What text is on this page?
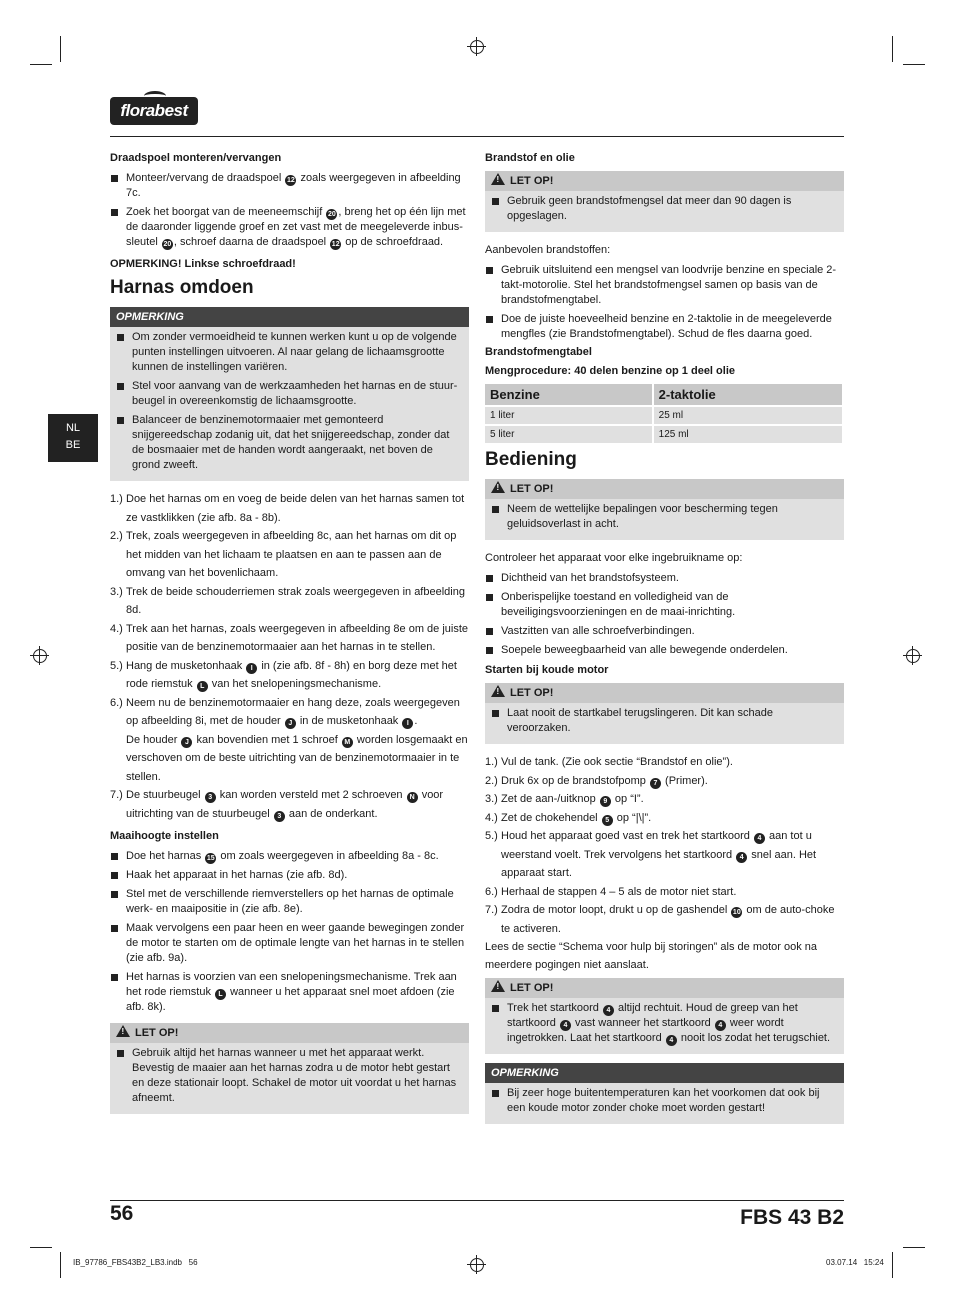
florabest
NL
BE
Draadspoel monteren/vervangen
Monteer/vervang de draadspoel 12 zoals weergegeven in afbeelding 7c.
Zoek het boorgat van de meeneemschijf 20 , breng het op één lijn met de daaronder liggende groef en zet vast met de meegeleverde inbus-sleutel 20 , schroef daarna de draadspoel 12 op de schroefdraad.
OPMERKING! Linkse schroefdraad!
Harnas omdoen
OPMERKING
Om zonder vermoeidheid te kunnen werken kunt u op de volgende punten instellingen uitvoeren. Al naar gelang de lichaamsgrootte kunnen de instellingen variëren.
Stel voor aanvang van de werkzaamheden het harnas en de stuur-beugel in overeenkomstig de lichaamsgrootte.
Balanceer de benzinemotormaaier met gemonteerd snijgereedschap zodanig uit, dat het snijgereedschap, zonder dat de bosmaaier met de handen wordt aangeraakt, net boven de grond zweeft.
1.) Doe het harnas om en voeg de beide delen van het harnas samen tot ze vastklikken (zie afb. 8a - 8b).
2.) Trek, zoals weergegeven in afbeelding 8c, aan het harnas om dit op het midden van het lichaam te plaatsen en aan te passen aan de omvang van het bovenlichaam.
3.) Trek de beide schouderriemen strak zoals weergegeven in afbeelding 8d.
4.) Trek aan het harnas, zoals weergegeven in afbeelding 8e om de juiste positie van de benzinemotormaaier aan het harnas in te stellen.
5.) Hang de musketonhaak I in (zie afb. 8f - 8h) en borg deze met het rode riemstuk L van het snelopeningsmechanisme.
6.) Neem nu de benzinemotormaaier en hang deze, zoals weergegeven op afbeelding 8i, met de houder J in de musketonhaak I .
De houder J kan bovendien met 1 schroef M worden losgemaakt en verschoven om de beste uitrichting van de benzinemotormaaier in te stellen.
7.) De stuurbeugel 3 kan worden versteld met 2 schroeven N voor uitrichting van de stuurbeugel 3 aan de onderkant.
Maaihoogte instellen
Doe het harnas 15 om zoals weergegeven in afbeelding 8a - 8c.
Haak het apparaat in het harnas (zie afb. 8d).
Stel met de verschillende riemverstellers op het harnas de optimale werk- en maaipositie in (zie afb. 8e).
Maak vervolgens een paar heen en weer gaande bewegingen zonder de motor te starten om de optimale lengte van het harnas in te stellen (zie afb. 9a).
Het harnas is voorzien van een snelopeningsmechanisme. Trek aan het rode riemstuk L wanneer u het apparaat snel moet afdoen (zie afb. 8k).
!LET OP!
Gebruik altijd het harnas wanneer u met het apparaat werkt. Bevestig de maaier aan het harnas zodra u de motor hebt gestart en deze stationair loopt. Schakel de motor uit voordat u het harnas afneemt.
Brandstof en olie
!LET OP!
Gebruik geen brandstofmengsel dat meer dan 90 dagen is opgeslagen.
Aanbevolen brandstoffen:
Gebruik uitsluitend een mengsel van loodvrije benzine en speciale 2-takt-motorolie. Stel het brandstofmengsel samen op basis van de brandstofmengtabel.
Doe de juiste hoeveelheid benzine en 2-taktolie in de meegeleverde mengfles (zie Brandstofmengtabel). Schud de fles daarna goed.
Brandstofmengtabel
Mengprocedure: 40 delen benzine op 1 deel olie
Benzine	2-taktolie
1 liter	25 ml
5 liter	125 ml
Bediening
!LET OP!
Neem de wettelijke bepalingen voor bescherming tegen geluidsoverlast in acht.
Controleer het apparaat voor elke ingebruikname op:
Dichtheid van het brandstofsysteem.
Onberispelijke toestand en volledigheid van de beveiligingsvoorzieningen en de maai-inrichting.
Vastzitten van alle schroefverbindingen.
Soepele beweegbaarheid van alle bewegende onderdelen.
Starten bij koude motor
!LET OP!
Laat nooit de startkabel terugslingeren. Dit kan schade veroorzaken.
1.) Vul de tank. (Zie ook sectie “Brandstof en olie”).
2.) Druk 6x op de brandstofpomp 7 (Primer).
3.) Zet de aan-/uitknop 9 op “I”.
4.) Zet de chokehendel 5 op “|\|”.
5.) Houd het apparaat goed vast en trek het startkoord 4 aan tot u weerstand voelt. Trek vervolgens het startkoord 4 snel aan. Het apparaat start.
6.) Herhaal de stappen 4 – 5 als de motor niet start.
7.) Zodra de motor loopt, drukt u op de gashendel 10 om de auto-choke te activeren.
Lees de sectie “Schema voor hulp bij storingen” als de motor ook na meerdere pogingen niet aanslaat.
!LET OP!
Trek het startkoord 4 altijd rechtuit. Houd de greep van het startkoord 4 vast wanneer het startkoord 4 weer wordt ingetrokken. Laat het startkoord 4 nooit los zodat het terugschiet.
OPMERKING
Bij zeer hoge buitentemperaturen kan het voorkomen dat ook bij een koude motor zonder choke moet worden gestart!
56	FBS 43 B2
IB_97786_FBS43B2_LB3.indb   56	03.07.14   15:24
